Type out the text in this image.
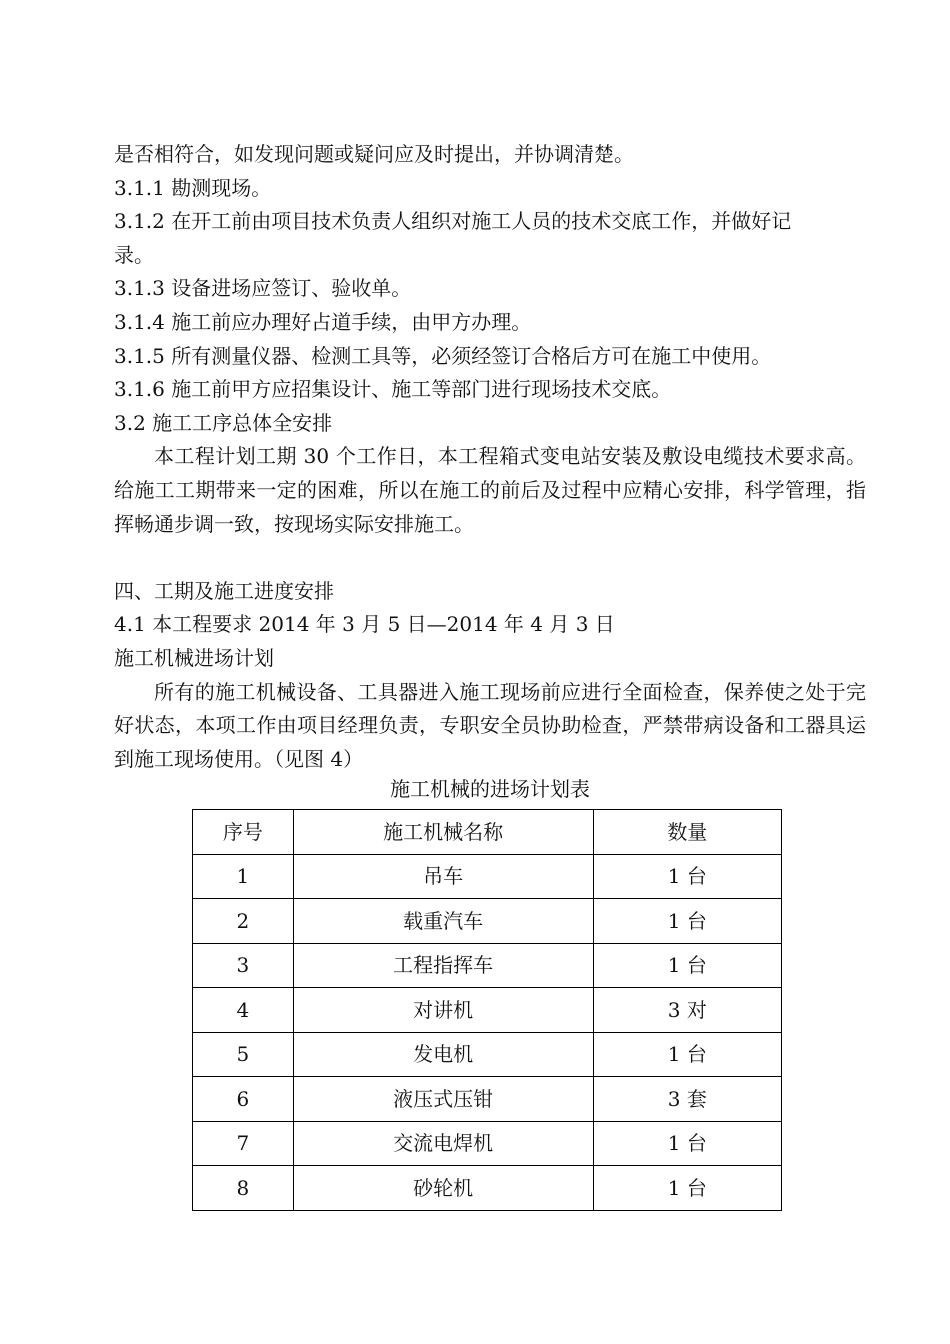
是否相符合，如发现问题或疑问应及时提出，并协调清楚。
3.1.1 勘测现场。
3.1.2 在开工前由项目技术负责人组织对施工人员的技术交底工作，并做好记
录。
3.1.3 设备进场应签订、验收单。
3.1.4 施工前应办理好占道手续，由甲方办理。
3.1.5 所有测量仪器、检测工具等，必须经签订合格后方可在施工中使用。
3.1.6 施工前甲方应招集设计、施工等部门进行现场技术交底。
3.2 施工工序总体全安排

本工程计划工期 30 个工作日，本工程箱式变电站安装及敷设电缆技术要求高。给施工工期带来一定的困难，所以在施工的前后及过程中应精心安排，科学管理，指挥畅通步调一致，按现场实际安排施工。

四、工期及施工进度安排
4.1 本工程要求 2014 年 3 月 5 日—2014 年 4 月 3 日
施工机械进场计划

所有的施工机械设备、工具器进入施工现场前应进行全面检查，保养使之处于完好状态，本项工作由项目经理负责，专职安全员协助检查，严禁带病设备和工器具运到施工现场使用。（见图 4）

施工机械的进场计划表
序号	施工机械名称	数量
1	吊车	1 台
2	载重汽车	1 台
3	工程指挥车	1 台
4	对讲机	3 对
5	发电机	1 台
6	液压式压钳	3 套
7	交流电焊机	1 台
8	砂轮机	1 台
